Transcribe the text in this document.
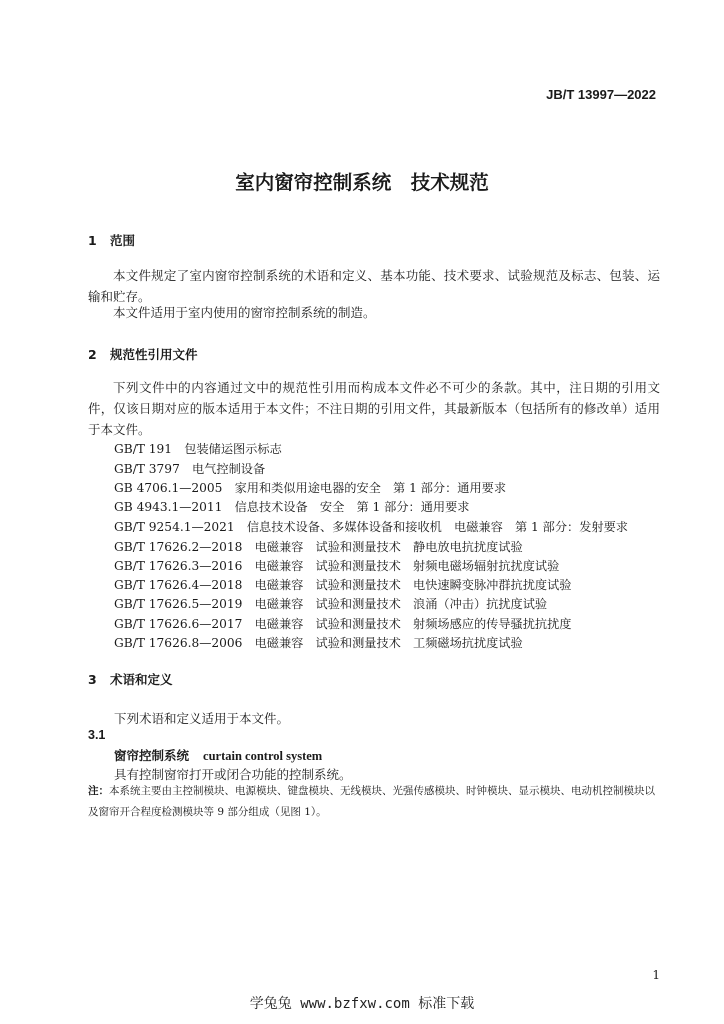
JB/T 13997—2022
室内窗帘控制系统　技术规范
1 范围

本文件规定了室内窗帘控制系统的术语和定义、基本功能、技术要求、试验规范及标志、包装、运输和贮存。

本文件适用于室内使用的窗帘控制系统的制造。

2 规范性引用文件

下列文件中的内容通过文中的规范性引用而构成本文件必不可少的条款。其中，注日期的引用文件，仅该日期对应的版本适用于本文件；不注日期的引用文件，其最新版本（包括所有的修改单）适用于本文件。

GB/T 191　包装储运图示标志
GB/T 3797　电气控制设备
GB 4706.1—2005　家用和类似用途电器的安全　第 1 部分：通用要求
GB 4943.1—2011　信息技术设备　安全　第 1 部分：通用要求
GB/T 9254.1—2021　信息技术设备、多媒体设备和接收机　电磁兼容　第 1 部分：发射要求
GB/T 17626.2—2018　电磁兼容　试验和测量技术　静电放电抗扰度试验
GB/T 17626.3—2016　电磁兼容　试验和测量技术　射频电磁场辐射抗扰度试验
GB/T 17626.4—2018　电磁兼容　试验和测量技术　电快速瞬变脉冲群抗扰度试验
GB/T 17626.5—2019　电磁兼容　试验和测量技术　浪涌（冲击）抗扰度试验
GB/T 17626.6—2017　电磁兼容　试验和测量技术　射频场感应的传导骚扰抗扰度
GB/T 17626.8—2006　电磁兼容　试验和测量技术　工频磁场抗扰度试验
3 术语和定义
下列术语和定义适用于本文件。
3.1
窗帘控制系统 curtain control system
具有控制窗帘打开或闭合功能的控制系统。

注：本系统主要由主控制模块、电源模块、键盘模块、无线模块、光强传感模块、时钟模块、显示模块、电动机控制模块以及窗帘开合程度检测模块等 9 部分组成（见图 1）。

1
学兔兔 www.bzfxw.com 标准下载
